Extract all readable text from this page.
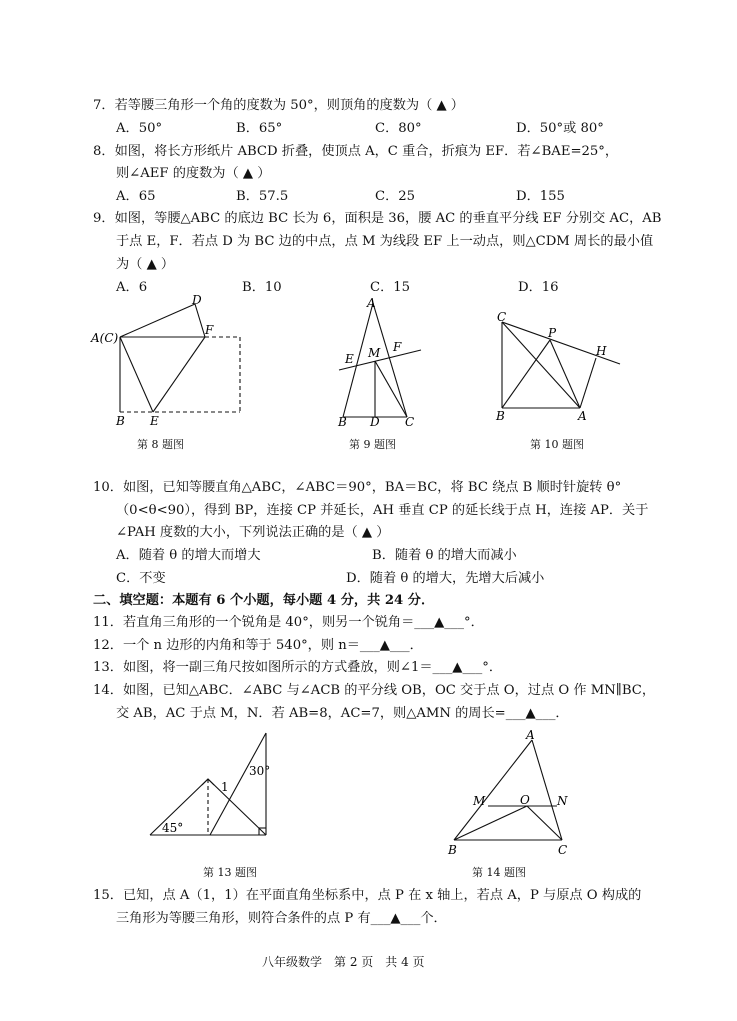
7．若等腰三角形一个角的度数为 50°，则顶角的度数为（ ▲ ）
A．50°	B．65°	C．80°	D．50°或 80°
8．如图，将长方形纸片 ABCD 折叠，使顶点 A，C 重合，折痕为 EF．若∠BAE=25°，
则∠AEF 的度数为（ ▲ ）
A．65	B．57.5	C．25	D．155
9．如图，等腰△ABC 的底边 BC 长为 6，面积是 36，腰 AC 的垂直平分线 EF 分别交 AC，AB
于点 E，F．若点 D 为 BC 边的中点，点 M 为线段 EF 上一动点，则△CDM 周长的最小值
为（ ▲ ）
A．6	B．10	C．15	D．16
D
A(C)
F
B E
第 8 题图
A
E M F
B D C
第 9 题图
C
P
H
B	A
第 10 题图
10．如图，已知等腰直角△ABC，∠ABC＝90°，BA＝BC，将 BC 绕点 B 顺时针旋转 θ°
（0<θ<90），得到 BP，连接 CP 并延长，AH 垂直 CP 的延长线于点 H，连接 AP．关于
∠PAH 度数的大小，下列说法正确的是（ ▲ ）
A．随着 θ 的增大而增大	B．随着 θ 的增大而减小
C．不变	D．随着 θ 的增大，先增大后减小
二、填空题：本题有 6 个小题，每小题 4 分，共 24 分．
11．若直角三角形的一个锐角是 40°，则另一个锐角＝___▲___°．
12．一个 n 边形的内角和等于 540°，则 n＝___▲___．
13．如图，将一副三角尺按如图所示的方式叠放，则∠1＝___▲___°．
14．如图，已知△ABC．∠ABC 与∠ACB 的平分线 OB，OC 交于点 O，过点 O 作 MN∥BC，
交 AB，AC 于点 M，N．若 AB=8，AC=7，则△AMN 的周长=___▲___．
30°
1
45°
第 13 题图
A
M	O N
B	C
第 14 题图
15．已知，点 A（1，1）在平面直角坐标系中，点 P 在 x 轴上，若点 A，P 与原点 O 构成的
三角形为等腰三角形，则符合条件的点 P 有___▲___个．
八年级数学　第 2 页　共 4 页
